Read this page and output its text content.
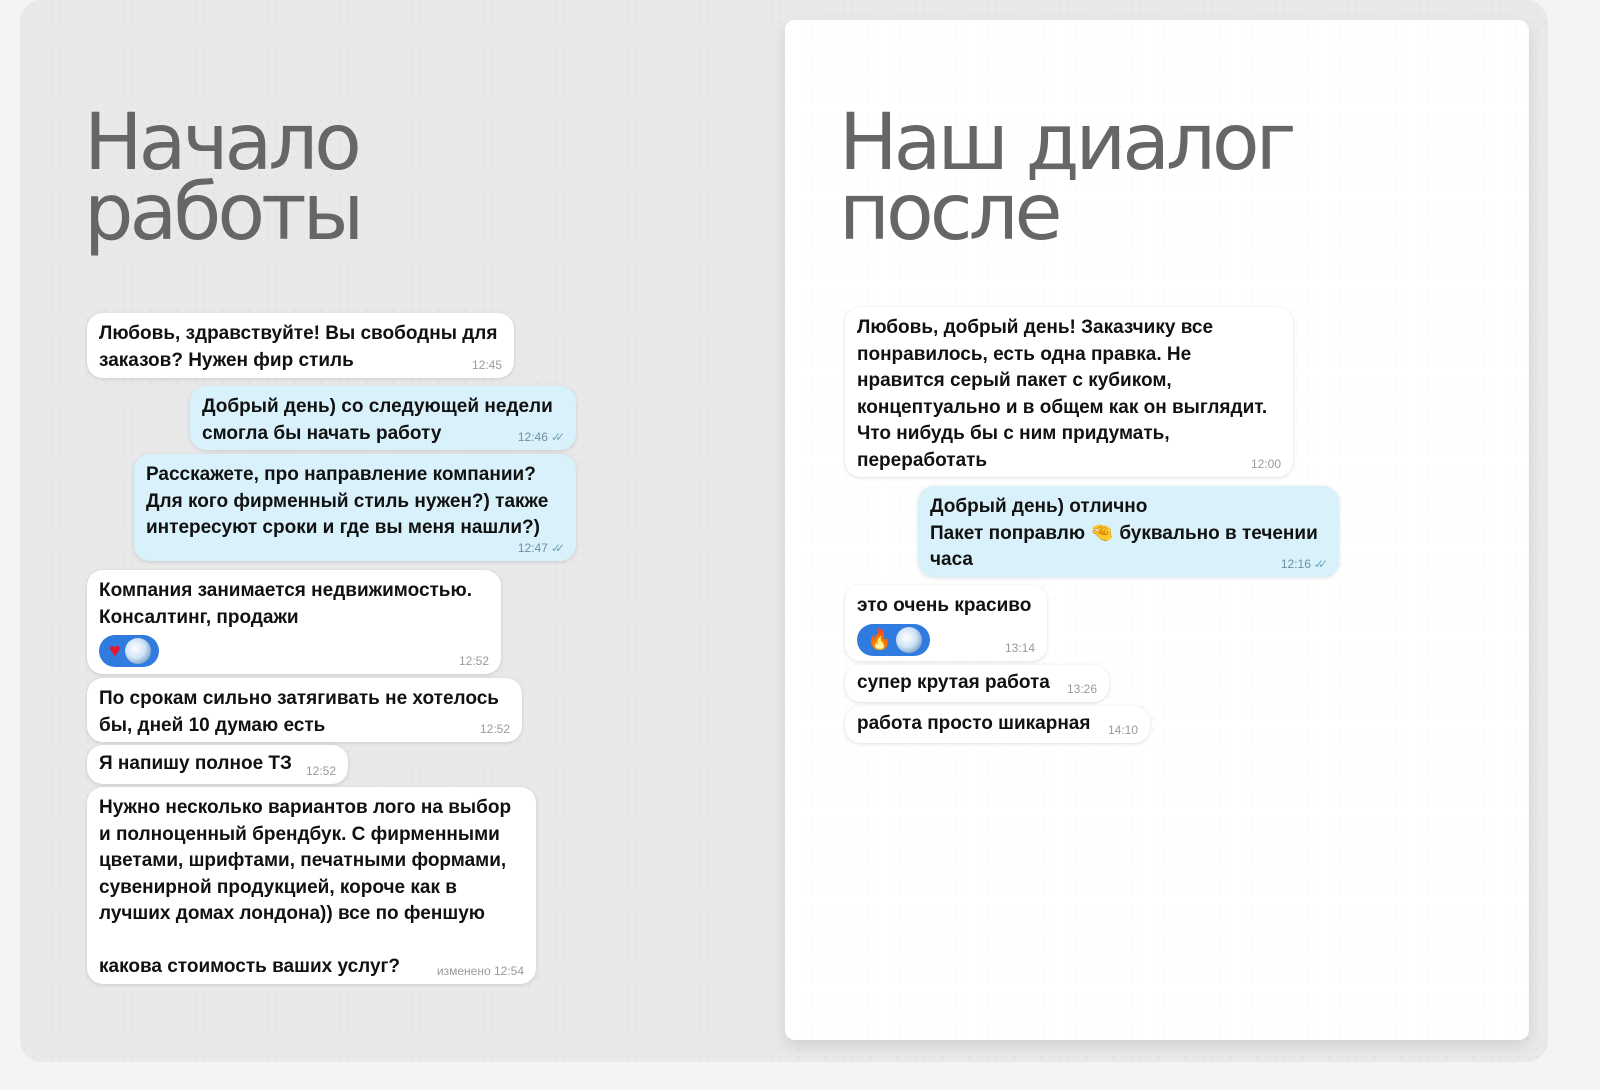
Начало
работы
Любовь, здравствуйте! Вы свободны для
заказов? Нужен фир стиль	12:45
Добрый день) со следующей недели
смогла бы начать работу	12:46 ✓✓
Расскажете, про направление компании?
Для кого фирменный стиль нужен?) также
интересуют сроки и где вы меня нашли?)
12:47 ✓✓
Компания занимается недвижимостью.
Консалтинг, продажи
♥	12:52
По срокам сильно затягивать не хотелось
бы, дней 10 думаю есть	12:52
Я напишу полное ТЗ	12:52
Нужно несколько вариантов лого на выбор
и полноценный брендбук. С фирменными
цветами, шрифтами, печатными формами,
сувенирной продукцией, короче как в
лучших домах лондона)) все по феншую

какова стоимость ваших услуг?	изменено 12:54
Наш диалог
после
Любовь, добрый день! Заказчику все
понравилось, есть одна правка. Не
нравится серый пакет с кубиком,
концептуально и в общем как он выглядит.
Что нибудь бы с ним придумать,
переработать	12:00
Добрый день) отлично
Пакет поправлю 🤏 буквально в течении
часа	12:16 ✓✓
это очень красиво
🔥	13:14
супер крутая работа	13:26
работа просто шикарная	14:10
